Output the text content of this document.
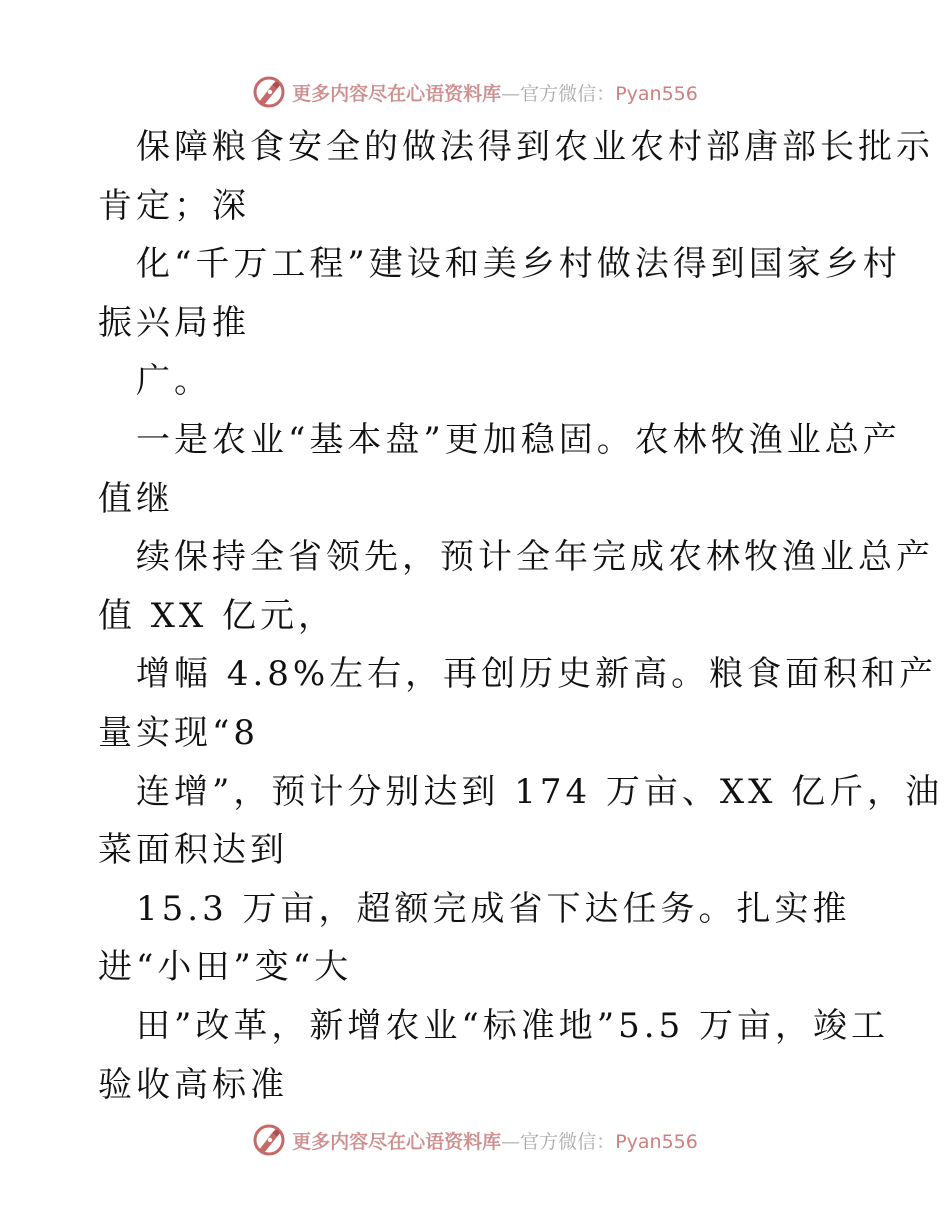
更多内容尽在心语资料库—官方微信：Pyan556
保障粮食安全的做法得到农业农村部唐部长批示
肯定；深
化“千万工程”建设和美乡村做法得到国家乡村
振兴局推
广。
一是农业“基本盘”更加稳固。农林牧渔业总产
值继
续保持全省领先，预计全年完成农林牧渔业总产
值 XX 亿元，
增幅 4.8%左右，再创历史新高。粮食面积和产
量实现“8
连增”，预计分别达到 174 万亩、XX 亿斤，油
菜面积达到
15.3 万亩，超额完成省下达任务。扎实推
进“小田”变“大
田”改革，新增农业“标准地”5.5 万亩，竣工
验收高标准
更多内容尽在心语资料库—官方微信：Pyan556
